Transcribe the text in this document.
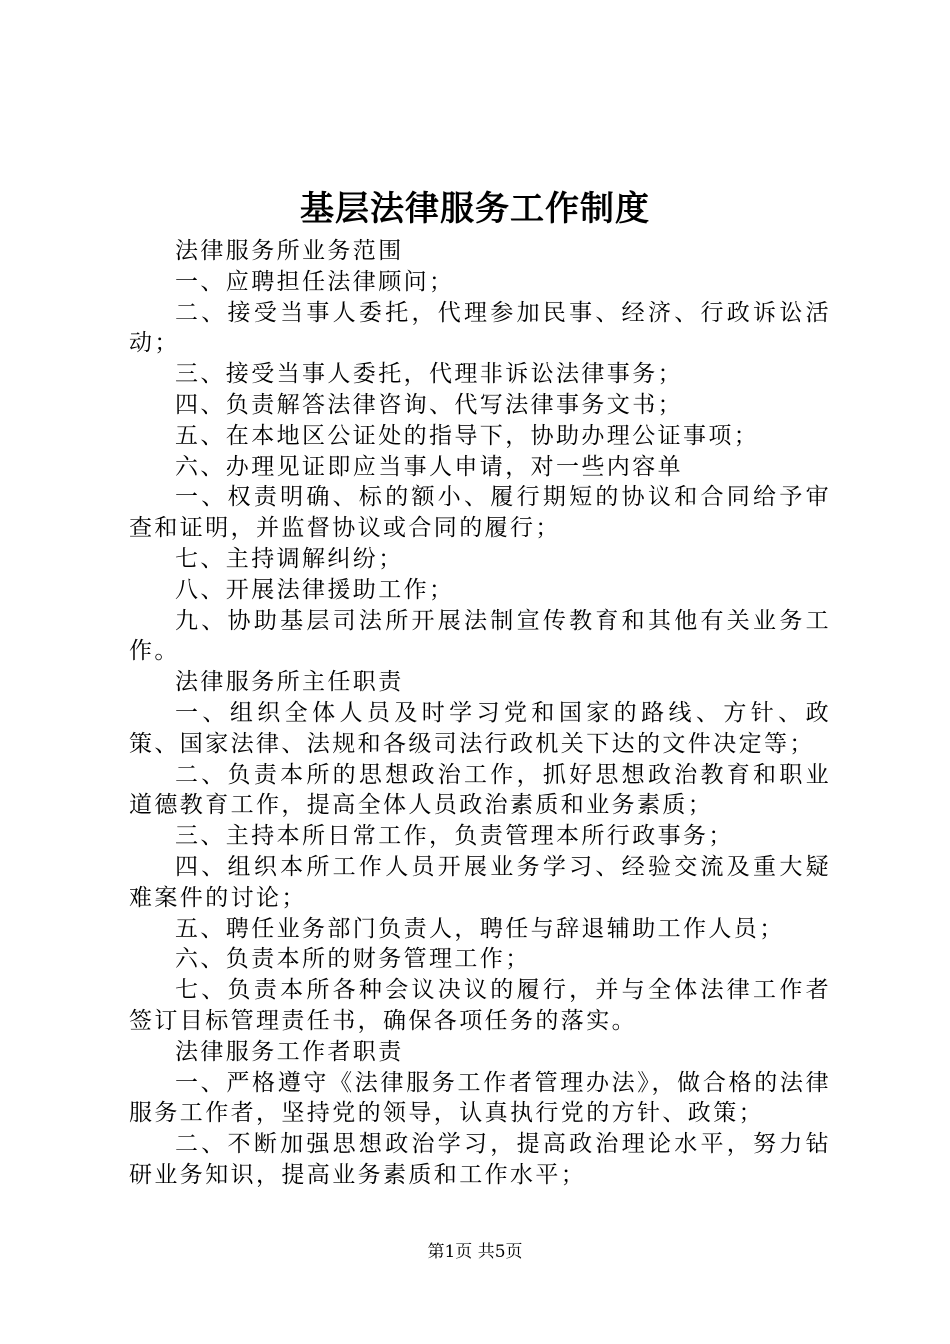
基层法律服务工作制度

法律服务所业务范围

一、应聘担任法律顾问；

二、接受当事人委托，代理参加民事、经济、行政诉讼活动；

三、接受当事人委托，代理非诉讼法律事务；

四、负责解答法律咨询、代写法律事务文书；

五、在本地区公证处的指导下，协助办理公证事项；

六、办理见证即应当事人申请，对一些内容单

一、权责明确、标的额小、履行期短的协议和合同给予审查和证明，并监督协议或合同的履行；

七、主持调解纠纷；

八、开展法律援助工作；

九、协助基层司法所开展法制宣传教育和其他有关业务工作。

法律服务所主任职责

一、组织全体人员及时学习党和国家的路线、方针、政策、国家法律、法规和各级司法行政机关下达的文件决定等；

二、负责本所的思想政治工作，抓好思想政治教育和职业道德教育工作，提高全体人员政治素质和业务素质；

三、主持本所日常工作，负责管理本所行政事务；

四、组织本所工作人员开展业务学习、经验交流及重大疑难案件的讨论；

五、聘任业务部门负责人，聘任与辞退辅助工作人员；

六、负责本所的财务管理工作；

七、负责本所各种会议决议的履行，并与全体法律工作者签订目标管理责任书，确保各项任务的落实。

法律服务工作者职责

一、严格遵守《法律服务工作者管理办法》，做合格的法律服务工作者，坚持党的领导，认真执行党的方针、政策；

二、不断加强思想政治学习，提高政治理论水平，努力钻研业务知识，提高业务素质和工作水平；

第1页 共5页
